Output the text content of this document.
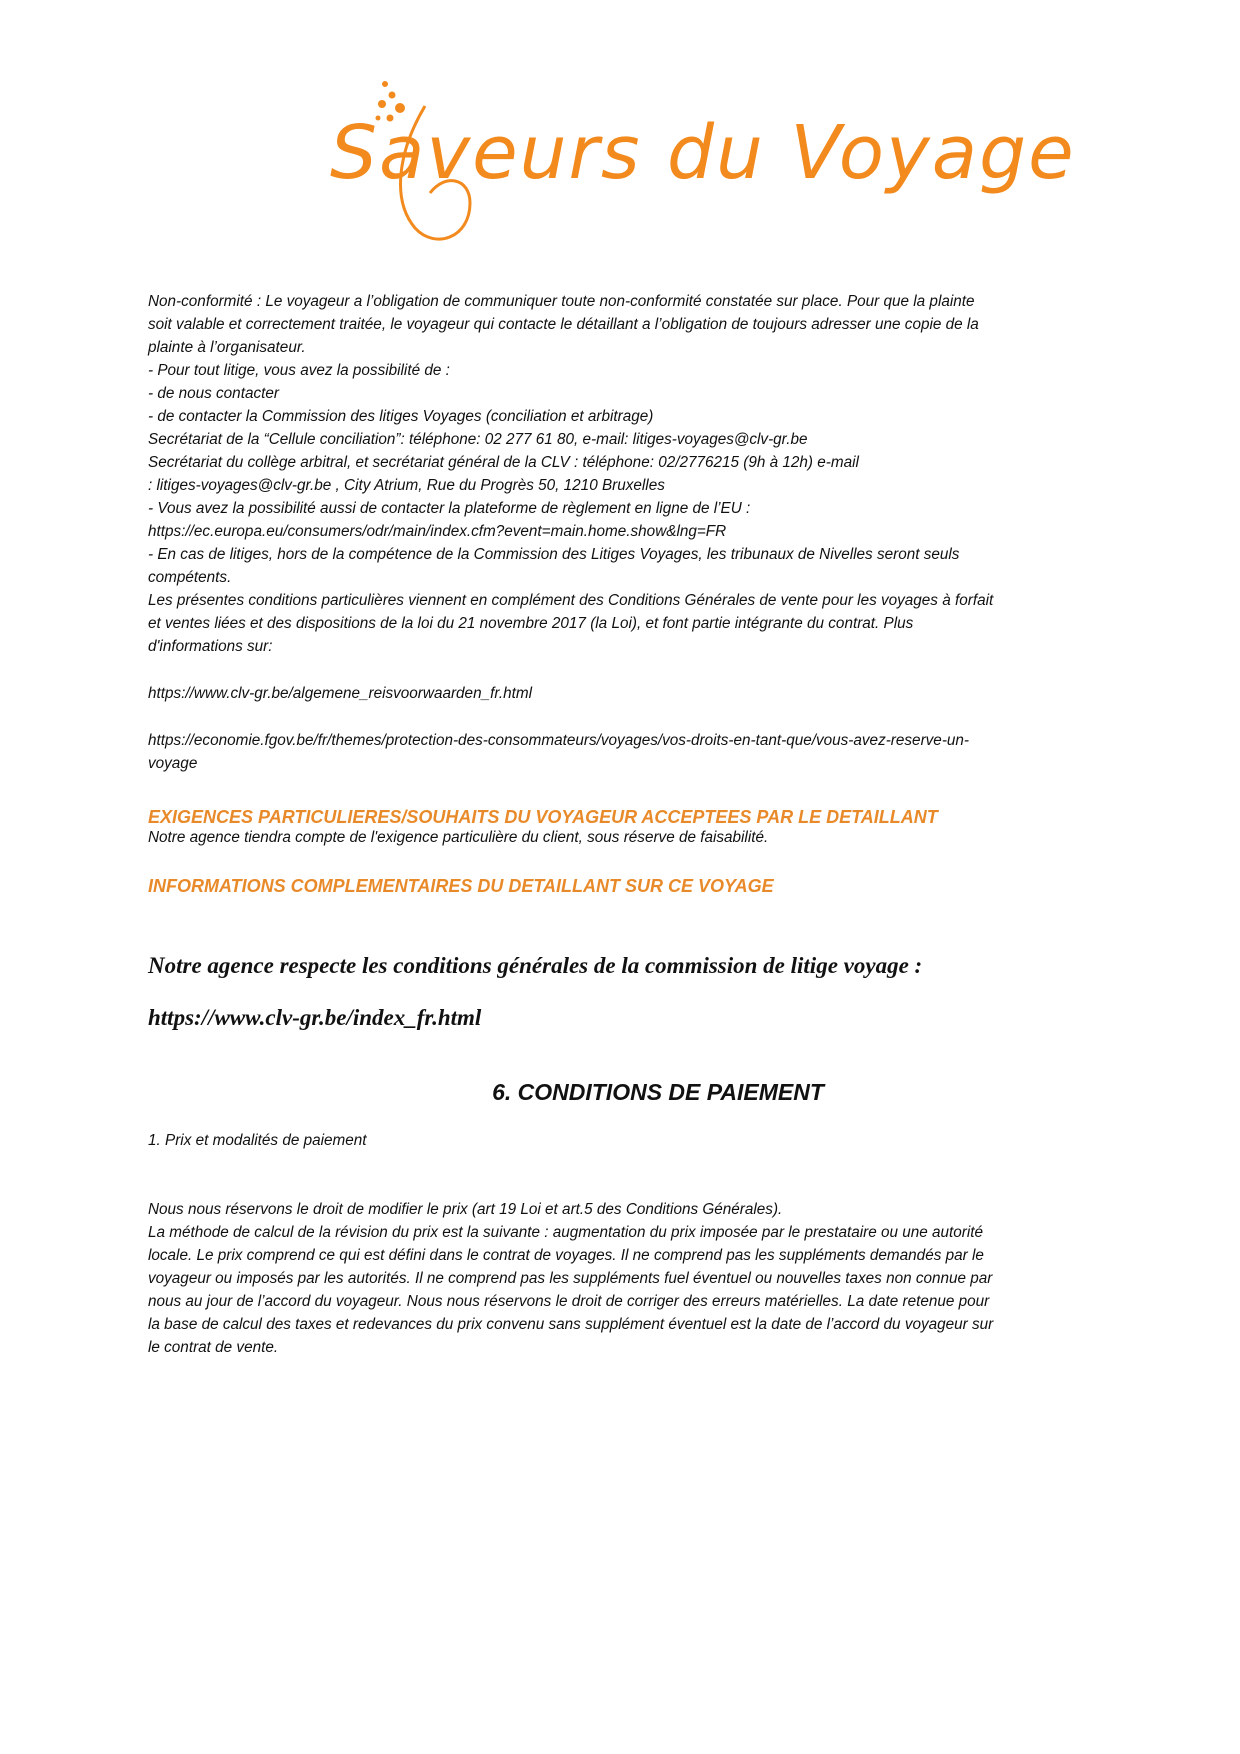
Saveurs du Voyage

Non-conformité : Le voyageur a l’obligation de communiquer toute non-conformité constatée sur place. Pour que la plainte

soit valable et correctement traitée, le voyageur qui contacte le détaillant a l’obligation de toujours adresser une copie de la

plainte à l’organisateur.

- Pour tout litige, vous avez la possibilité de :

- de nous contacter

- de contacter la Commission des litiges Voyages (conciliation et arbitrage)

Secrétariat de la “Cellule conciliation”: téléphone: 02 277 61 80, e-mail: litiges-voyages@clv-gr.be

Secrétariat du collège arbitral, et secrétariat général de la CLV : téléphone: 02/2776215 (9h à 12h) e-mail

: litiges-voyages@clv-gr.be , City Atrium, Rue du Progrès 50, 1210 Bruxelles

- Vous avez la possibilité aussi de contacter la plateforme de règlement en ligne de l’EU :

https://ec.europa.eu/consumers/odr/main/index.cfm?event=main.home.show&lng=FR

- En cas de litiges, hors de la compétence de la Commission des Litiges Voyages, les tribunaux de Nivelles seront seuls

compétents.

Les présentes conditions particulières viennent en complément des Conditions Générales de vente pour les voyages à forfait

et ventes liées et des dispositions de la loi du 21 novembre 2017 (la Loi), et font partie intégrante du contrat. Plus

d'informations sur:

https://www.clv-gr.be/algemene_reisvoorwaarden_fr.html

https://economie.fgov.be/fr/themes/protection-des-consommateurs/voyages/vos-droits-en-tant-que/vous-avez-reserve-un-

voyage

EXIGENCES PARTICULIERES/SOUHAITS DU VOYAGEUR ACCEPTEES PAR LE DETAILLANT

Notre agence tiendra compte de l'exigence particulière du client, sous réserve de faisabilité.

INFORMATIONS COMPLEMENTAIRES DU DETAILLANT SUR CE VOYAGE

Notre agence respecte les conditions générales de la commission de litige voyage :

https://www.clv-gr.be/index_fr.html

6. CONDITIONS DE PAIEMENT

1. Prix et modalités de paiement

Nous nous réservons le droit de modifier le prix (art 19 Loi et art.5 des Conditions Générales).

La méthode de calcul de la révision du prix est la suivante : augmentation du prix imposée par le prestataire ou une autorité

locale. Le prix comprend ce qui est défini dans le contrat de voyages. Il ne comprend pas les suppléments demandés par le

voyageur ou imposés par les autorités. Il ne comprend pas les suppléments fuel éventuel ou nouvelles taxes non connue par

nous au jour de l’accord du voyageur. Nous nous réservons le droit de corriger des erreurs matérielles. La date retenue pour

la base de calcul des taxes et redevances du prix convenu sans supplément éventuel est la date de l’accord du voyageur sur

le contrat de vente.
